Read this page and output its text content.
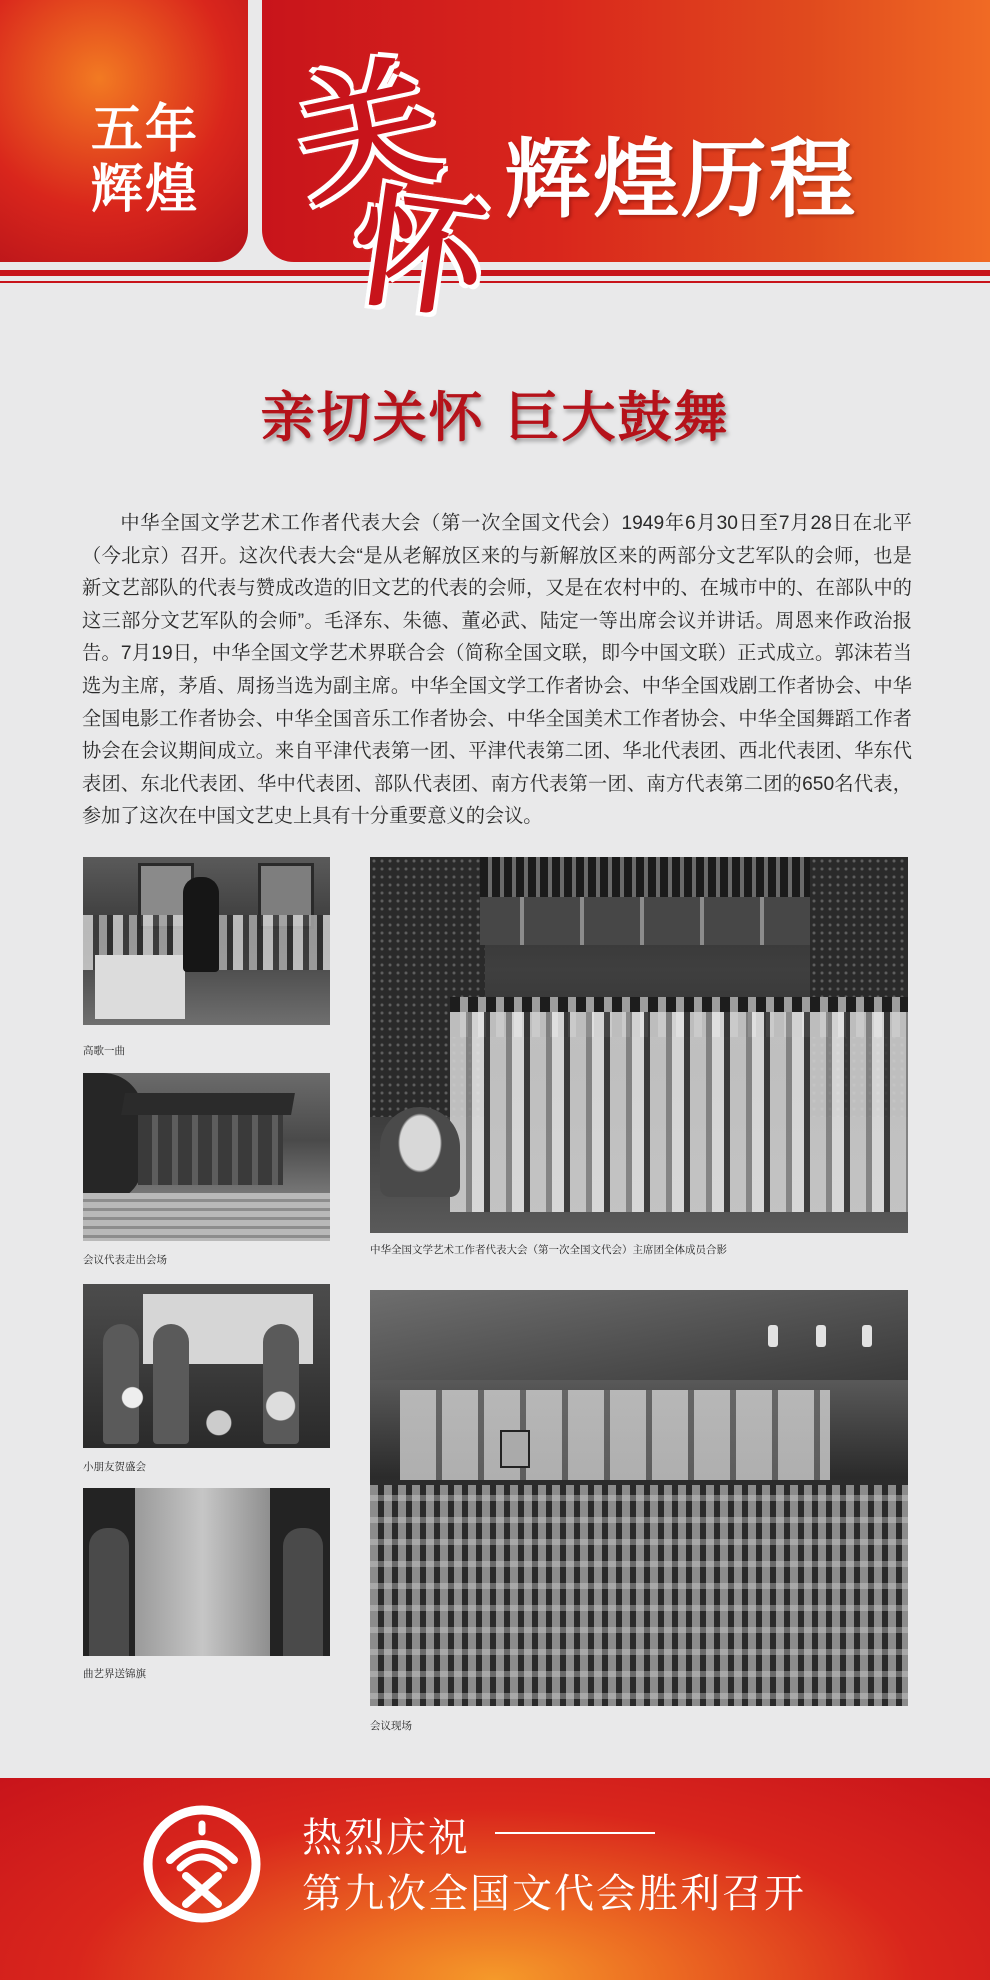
五年
辉煌 关
怀 辉煌历程
亲切关怀 巨大鼓舞

中华全国文学艺术工作者代表大会（第一次全国文代会）1949年6月30日至7月28日在北平（今北京）召开。这次代表大会“是从老解放区来的与新解放区来的两部分文艺军队的会师，也是新文艺部队的代表与赞成改造的旧文艺的代表的会师，又是在农村中的、在城市中的、在部队中的这三部分文艺军队的会师”。毛泽东、朱德、董必武、陆定一等出席会议并讲话。周恩来作政治报告。7月19日，中华全国文学艺术界联合会（简称全国文联，即今中国文联）正式成立。郭沫若当选为主席，茅盾、周扬当选为副主席。中华全国文学工作者协会、中华全国戏剧工作者协会、中华全国电影工作者协会、中华全国音乐工作者协会、中华全国美术工作者协会、中华全国舞蹈工作者协会在会议期间成立。来自平津代表第一团、平津代表第二团、华北代表团、西北代表团、华东代表团、东北代表团、华中代表团、部队代表团、南方代表第一团、南方代表第二团的650名代表，参加了这次在中国文艺史上具有十分重要意义的会议。

高歌一曲
会议代表走出会场
小朋友贺盛会
曲艺界送锦旗
中华全国文学艺术工作者代表大会（第一次全国文代会）主席团全体成员合影
会议现场
热烈庆祝
第九次全国文代会胜利召开
